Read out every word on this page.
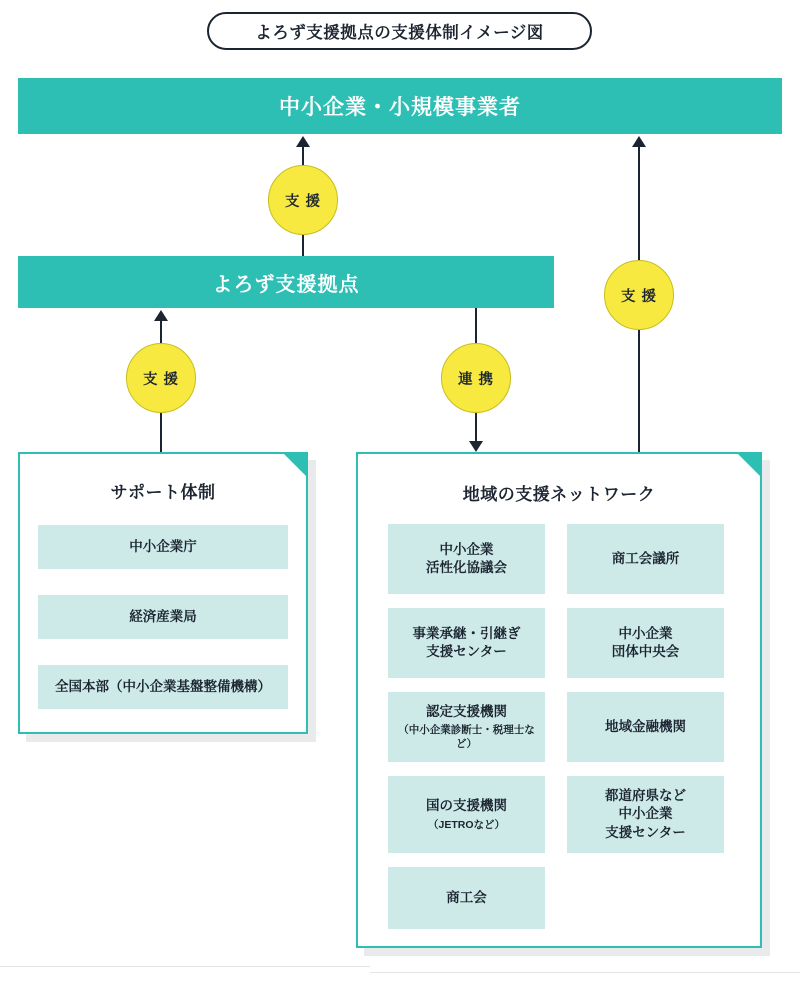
よろず支援拠点の支援体制イメージ図
中小企業・小規模事業者
支 援
よろず支援拠点
支 援	連 携
支 援
サポート体制
中小企業庁
経済産業局
全国本部（中小企業基盤整備機構）
地域の支援ネットワーク
中小企業
活性化協議会
事業承継・引継ぎ
支援センター
認定支援機関
（中小企業診断士・税理士など）
国の支援機関
（JETROなど）
商工会
商工会議所
中小企業
団体中央会
地域金融機関
都道府県など
中小企業
支援センター
